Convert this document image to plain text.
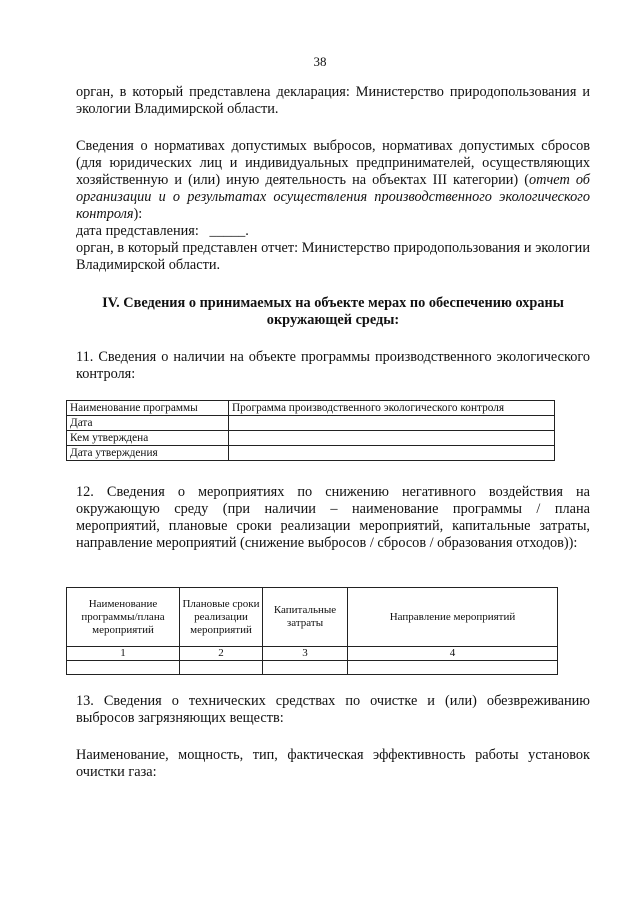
38

орган, в который представлена декларация: Министерство природопользования и экологии Владимирской области.

Сведения о нормативах допустимых выбросов, нормативах допустимых сбросов (для юридических лиц и индивидуальных предпринимателей, осуществляющих хозяйственную и (или) иную деятельность на объектах III категории) (отчет об организации и о результатах осуществления производственного экологического контроля):

дата представления:   _____.

орган, в который представлен отчет: Министерство природопользования и экологии Владимирской области.

IV. Сведения о принимаемых на объекте мерах по обеспечению охраны окружающей среды:

11. Сведения о наличии на объекте программы производственного экологического контроля:

Наименование программы	Программа производственного экологического контроля
Дата	
Кем утверждена	
Дата утверждения	

12. Сведения о мероприятиях по снижению негативного воздействия на окружающую среду (при наличии – наименование программы / плана мероприятий, плановые сроки реализации мероприятий, капитальные затраты, направление мероприятий (снижение выбросов / сбросов / образования отходов)):

Наименование программы/плана мероприятий	Плановые сроки реализации мероприятий	Капитальные затраты	Направление мероприятий
1	2	3	4

13. Сведения о технических средствах по очистке и (или) обезвреживанию выбросов загрязняющих веществ:

Наименование, мощность, тип, фактическая эффективность работы установок очистки газа:
